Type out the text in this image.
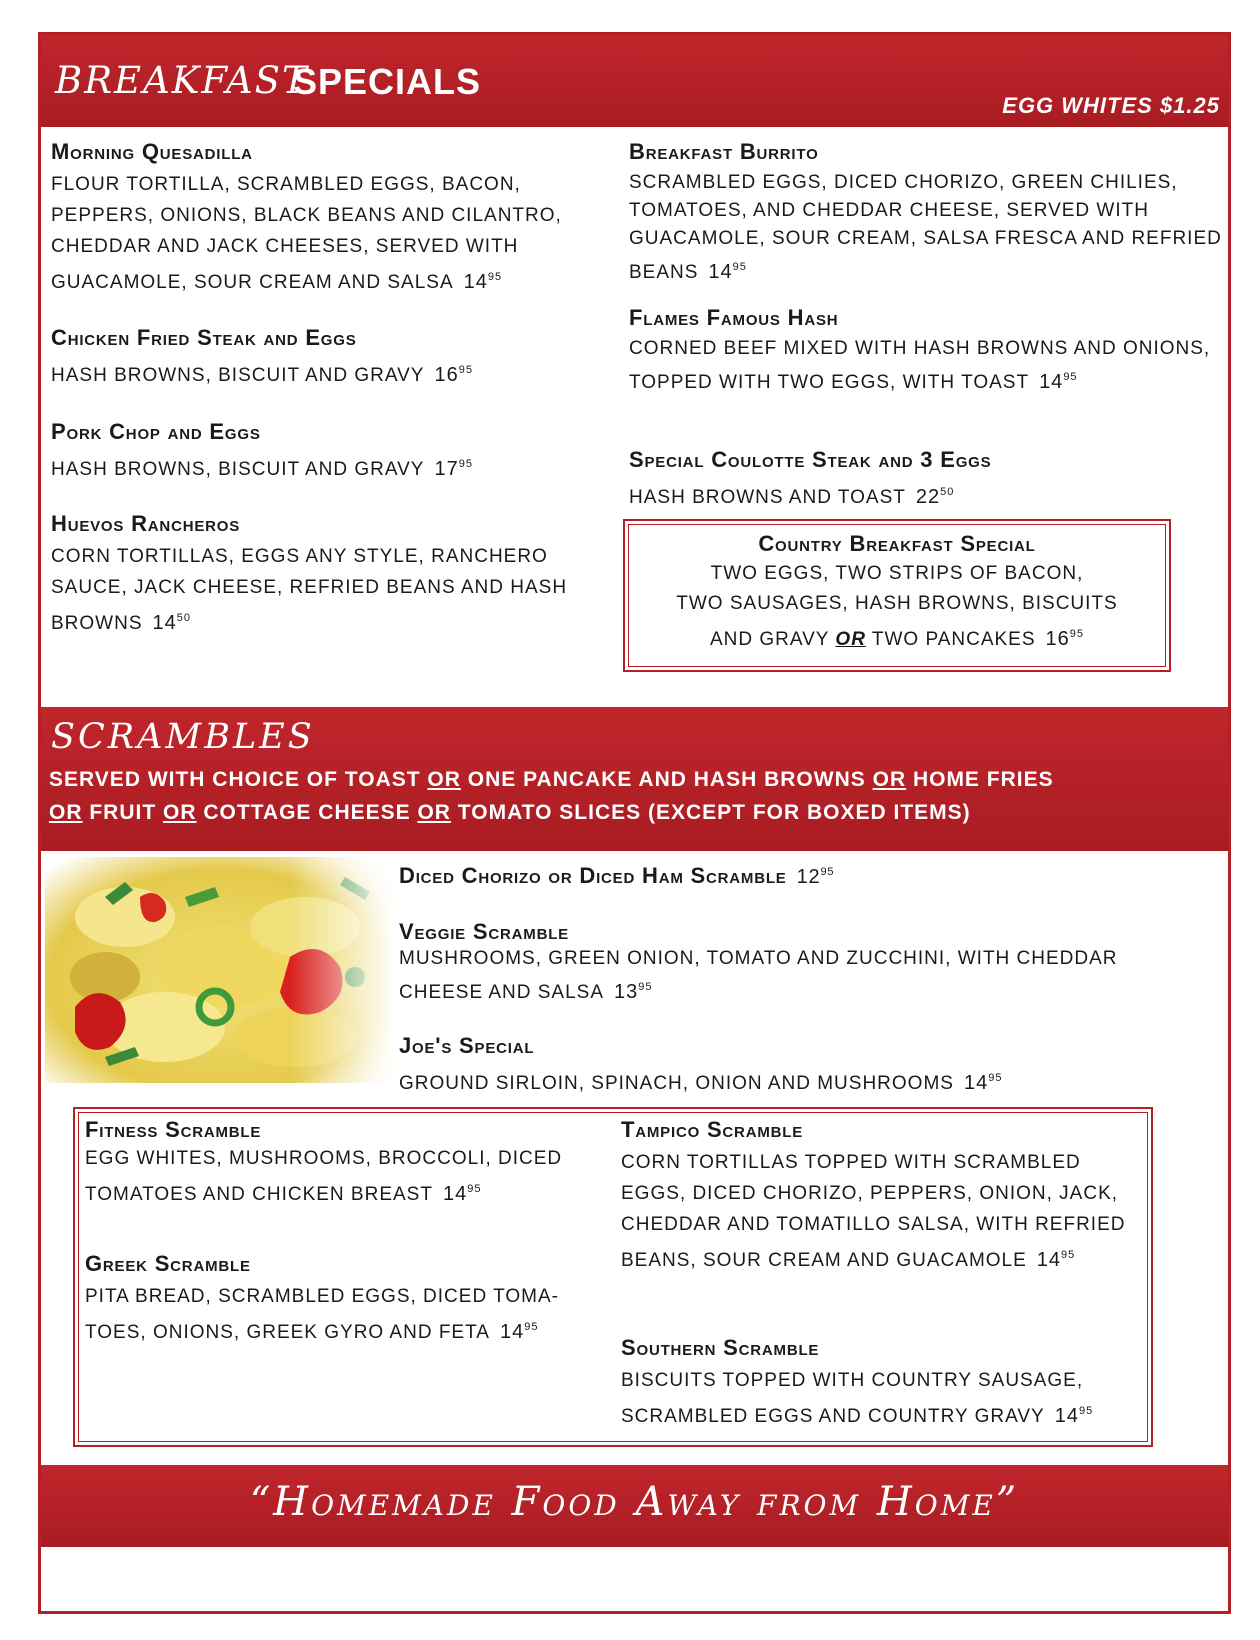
BREAKFAST
SPECIALS
EGG WHITES $1.25
Morning Quesadilla
FLOUR TORTILLA, SCRAMBLED EGGS, BACON, PEPPERS, ONIONS, BLACK BEANS AND CILANTRO, CHEDDAR AND JACK CHEESES, SERVED WITH GUACAMOLE, SOUR CREAM AND SALSA $14^{95}$
Chicken Fried Steak and Eggs
HASH BROWNS, BISCUIT AND GRAVY $16^{95}$
Pork Chop and Eggs
HASH BROWNS, BISCUIT AND GRAVY $17^{95}$
Huevos Rancheros
CORN TORTILLAS, EGGS ANY STYLE, RANCHERO SAUCE, JACK CHEESE, REFRIED BEANS AND HASH BROWNS $14^{50}$
Breakfast Burrito
SCRAMBLED EGGS, DICED CHORIZO, GREEN CHILIES, TOMATOES, AND CHEDDAR CHEESE, SERVED WITH GUACAMOLE, SOUR CREAM, SALSA FRESCA AND REFRIED BEANS $14^{95}$
Flames Famous Hash
CORNED BEEF MIXED WITH HASH BROWNS AND ONIONS, TOPPED WITH TWO EGGS, WITH TOAST $14^{95}$
Special Coulotte Steak and 3 Eggs
HASH BROWNS AND TOAST $22^{50}$
Country Breakfast Special
TWO EGGS, TWO STRIPS OF BACON,
TWO SAUSAGES, HASH BROWNS, BISCUITS
AND GRAVY OR TWO PANCAKES $16^{95}$
SCRAMBLES
SERVED WITH CHOICE OF TOAST OR ONE PANCAKE AND HASH BROWNS OR HOME FRIES
OR FRUIT OR COTTAGE CHEESE OR TOMATO SLICES (EXCEPT FOR BOXED ITEMS)
Diced Chorizo or Diced Ham Scramble $12^{95}$
Veggie Scramble
MUSHROOMS, GREEN ONION, TOMATO AND ZUCCHINI, WITH CHEDDAR CHEESE AND SALSA $13^{95}$
Joe's Special
GROUND SIRLOIN, SPINACH, ONION AND MUSHROOMS $14^{95}$
Fitness Scramble
EGG WHITES, MUSHROOMS, BROCCOLI, DICED TOMATOES AND CHICKEN BREAST $14^{95}$
Greek Scramble
PITA BREAD, SCRAMBLED EGGS, DICED TOMA- TOES, ONIONS, GREEK GYRO AND FETA $14^{95}$
Tampico Scramble
CORN TORTILLAS TOPPED WITH SCRAMBLED EGGS, DICED CHORIZO, PEPPERS, ONION, JACK, CHEDDAR AND TOMATILLO SALSA, WITH REFRIED BEANS, SOUR CREAM AND GUACAMOLE $14^{95}$
Southern Scramble
BISCUITS TOPPED WITH COUNTRY SAUSAGE, SCRAMBLED EGGS AND COUNTRY GRAVY $14^{95}$
“Homemade Food Away from Home”
